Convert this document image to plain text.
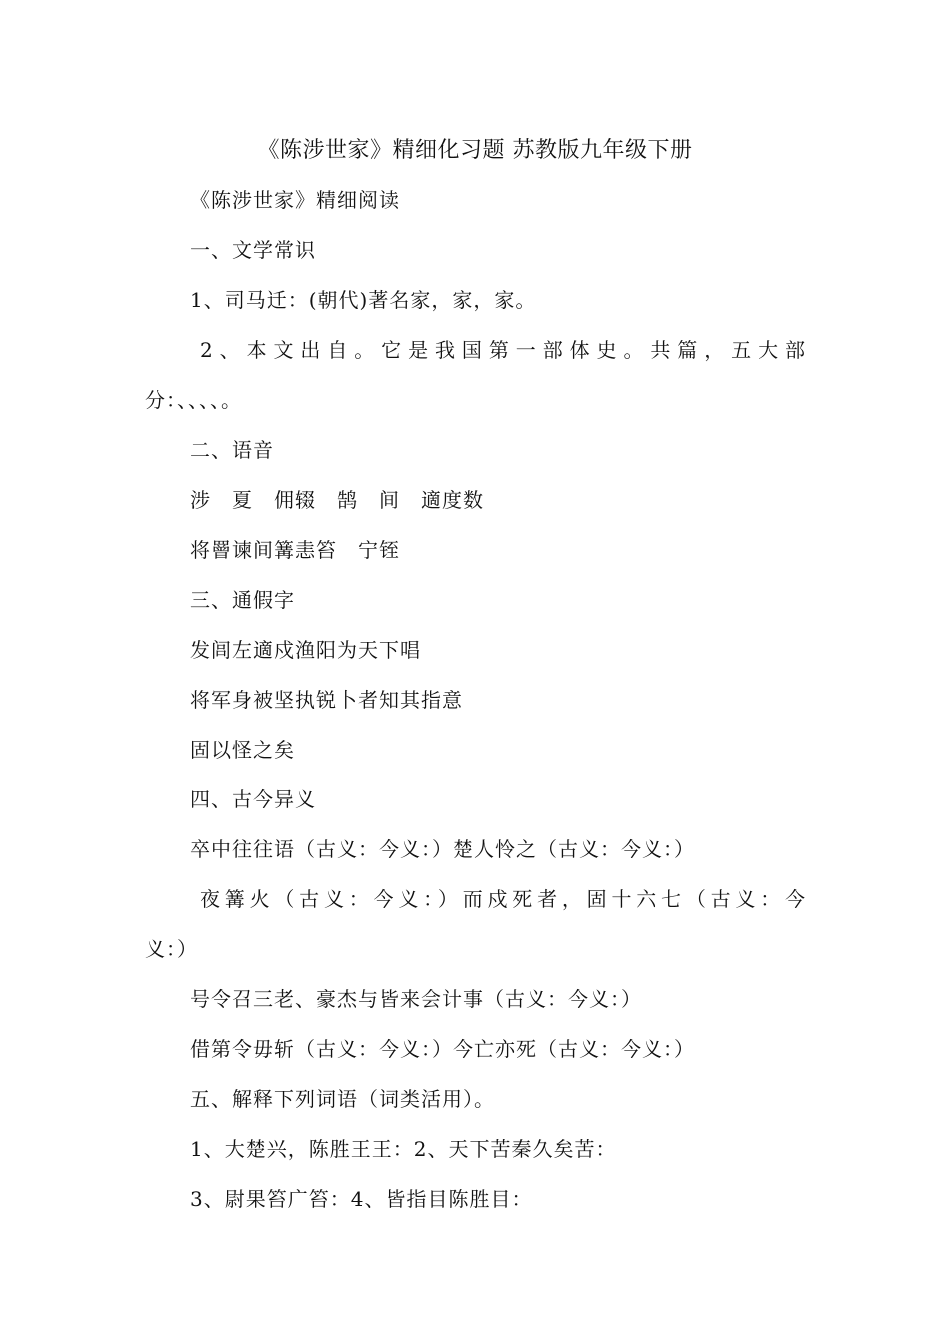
《陈涉世家》精细化习题 苏教版九年级下册
《陈涉世家》精细阅读
一、文学常识
1、司马迁：(朝代)著名家，家，家。
2、本文出自。它是我国第一部体史。共篇，五大部
分：、、、、。
二、语音
涉　夏　佣辍　鹄　间　適度数
将罾谏间篝恚笞　宁铚
三、通假字
发闾左適戍渔阳为天下唱
将军身被坚执锐卜者知其指意
固以怪之矣
四、古今异义
卒中往往语（古义：今义：）楚人怜之（古义：今义：）
夜篝火（古义：今义：）而戍死者，固十六七（古义：今
义：）
号令召三老、豪杰与皆来会计事（古义：今义：）
借第令毋斩（古义：今义：）今亡亦死（古义：今义：）
五、解释下列词语（词类活用）。
1、大楚兴，陈胜王王：2、天下苦秦久矣苦：
3、尉果笞广笞：4、皆指目陈胜目：
